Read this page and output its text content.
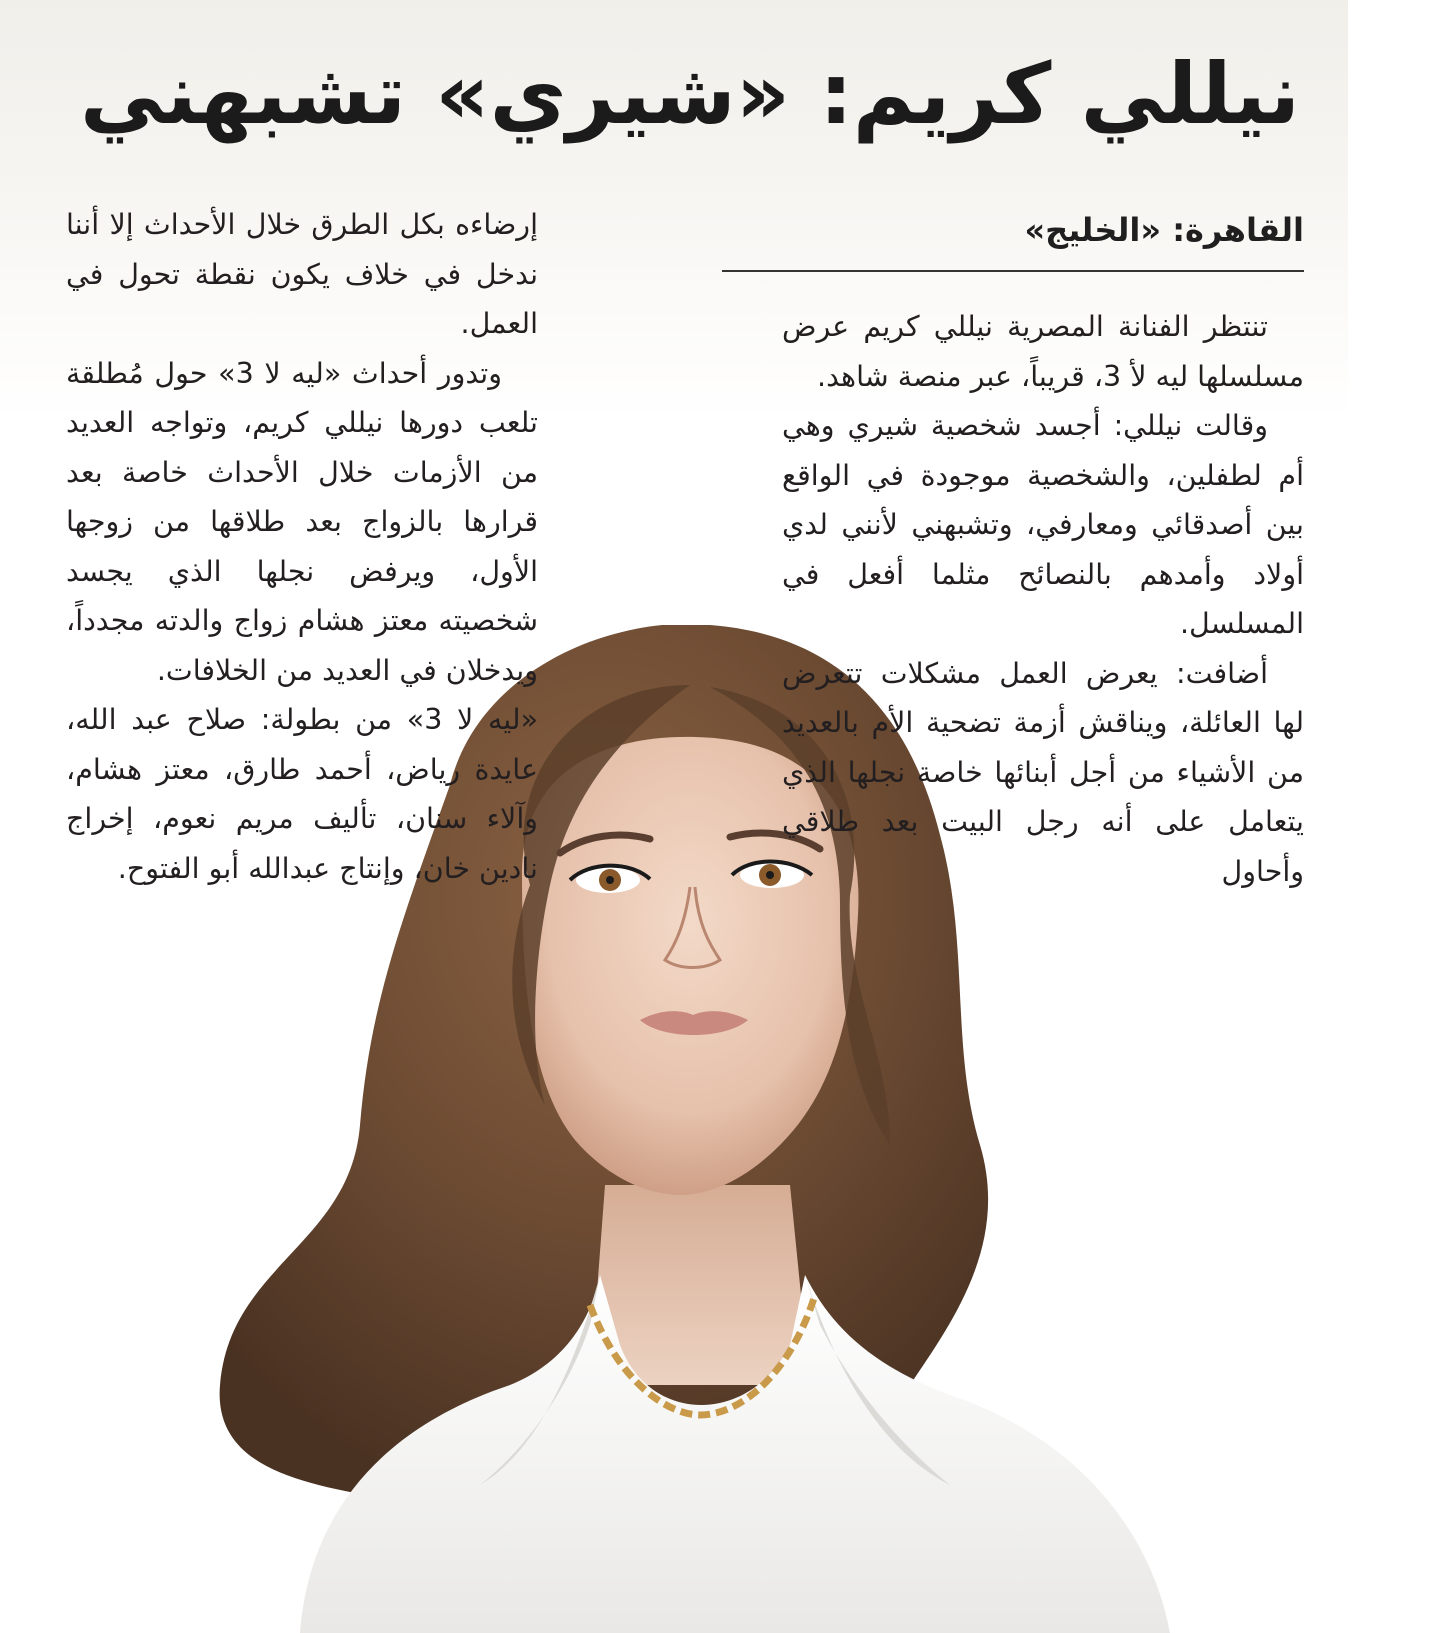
نيللي كريم: «شيري» تشبهني
القاهرة: «الخليج»

تنتظر الفنانة المصرية نيللي كريم عرض مسلسلها ليه لأ 3، قريباً، عبر منصة شاهد.

وقالت نيللي: أجسد شخصية شيري وهي أم لطفلين، والشخصية موجودة في الواقع بين أصدقائي ومعارفي، وتشبهني لأنني لدي أولاد وأمدهم بالنصائح مثلما أفعل في المسلسل.

أضافت: يعرض العمل مشكلات تتعرض لها العائلة، ويناقش أزمة تضحية الأم بالعديد من الأشياء من أجل أبنائها خاصة نجلها الذي يتعامل على أنه رجل البيت بعد طلاقي وأحاول

إرضاءه بكل الطرق خلال الأحداث إلا أننا ندخل في خلاف يكون نقطة تحول في العمل.

وتدور أحداث «ليه لا 3» حول مُطلقة تلعب دورها نيللي كريم، وتواجه العديد من الأزمات خلال الأحداث خاصة بعد قرارها بالزواج بعد طلاقها من زوجها الأول، ويرفض نجلها الذي يجسد شخصيته معتز هشام زواج والدته مجدداً، ويدخلان في العديد من الخلافات.

«ليه لا 3» من بطولة: صلاح عبد الله، عايدة رياض، أحمد طارق، معتز هشام، وآلاء سنان، تأليف مريم نعوم، إخراج نادين خان، وإنتاج عبدالله أبو الفتوح.
